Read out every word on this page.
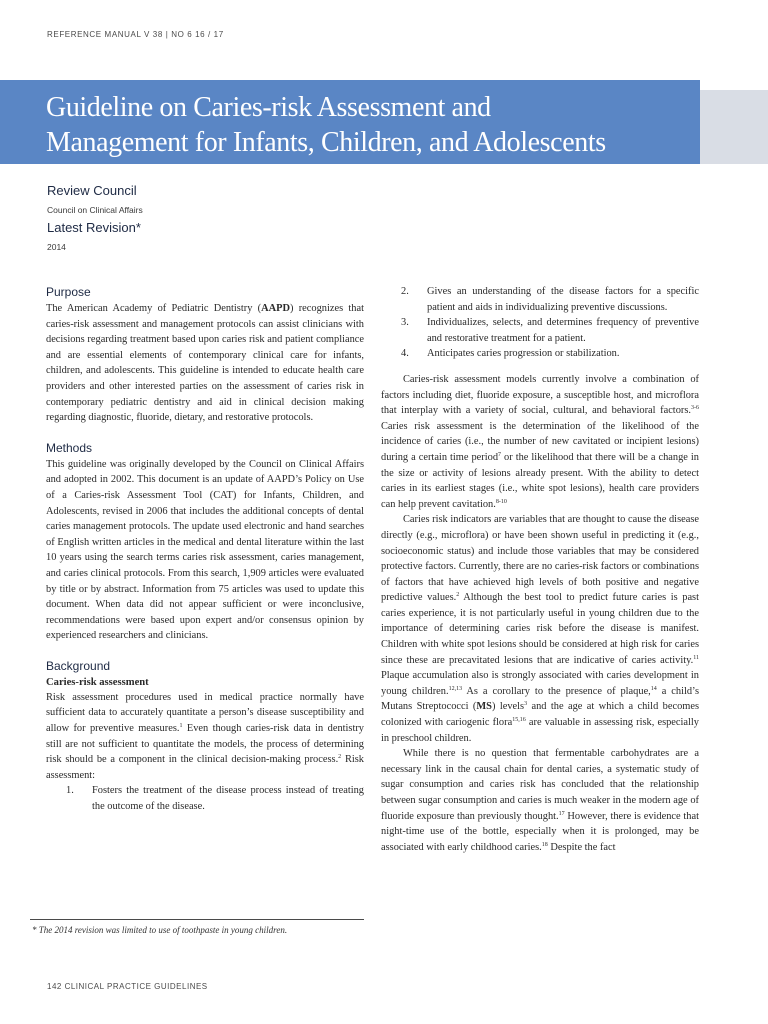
REFERENCE MANUAL V 38 | NO 6 16 / 17
Guideline on Caries-risk Assessment and
Management for Infants, Children, and Adolescents
Review Council
Council on Clinical Affairs
Latest Revision*
2014
Purpose

The American Academy of Pediatric Dentistry (AAPD) recognizes that caries-risk assessment and management protocols can assist clinicians with decisions regarding treatment based upon caries risk and patient compliance and are essential elements of contemporary clinical care for infants, children, and adolescents. This guideline is intended to educate health care providers and other interested parties on the assessment of caries risk in contemporary pediatric dentistry and aid in clinical decision making regarding diagnostic, fluoride, dietary, and restorative protocols.

Methods

This guideline was originally developed by the Council on Clinical Affairs and adopted in 2002. This document is an update of AAPD’s Policy on Use of a Caries-risk Assessment Tool (CAT) for Infants, Children, and Adolescents, revised in 2006 that includes the additional concepts of dental caries management protocols. The update used electronic and hand searches of English written articles in the medical and dental literature within the last 10 years using the search terms caries risk assessment, caries management, and caries clinical protocols. From this search, 1,909 articles were evaluated by title or by abstract. Information from 75 articles was used to update this document. When data did not appear sufficient or were inconclusive, recommendations were based upon expert and/or consensus opinion by experienced researchers and clinicians.

Background

Caries-risk assessment

Risk assessment procedures used in medical practice normally have sufficient data to accurately quantitate a person’s disease susceptibility and allow for preventive measures.$^1$ Even though caries-risk data in dentistry still are not sufficient to quantitate the models, the process of determining risk should be a component in the clinical decision-making process.$^2$ Risk assessment:

1. Fosters the treatment of the disease process instead of treating the outcome of the disease.
2. Gives an understanding of the disease factors for a specific patient and aids in individualizing preventive discussions.
3. Individualizes, selects, and determines frequency of preventive and restorative treatment for a patient.
4. Anticipates caries progression or stabilization.

Caries-risk assessment models currently involve a combination of factors including diet, fluoride exposure, a susceptible host, and microflora that interplay with a variety of social, cultural, and behavioral factors.$^{3-6}$ Caries risk assessment is the determination of the likelihood of the incidence of caries (i.e., the number of new cavitated or incipient lesions) during a certain time period$^7$ or the likelihood that there will be a change in the size or activity of lesions already present. With the ability to detect caries in its earliest stages (i.e., white spot lesions), health care providers can help prevent cavitation.$^{8-10}$

Caries risk indicators are variables that are thought to cause the disease directly (e.g., microflora) or have been shown useful in predicting it (e.g., socioeconomic status) and include those variables that may be considered protective factors. Currently, there are no caries-risk factors or combinations of factors that have achieved high levels of both positive and negative predictive values.$^2$ Although the best tool to predict future caries is past caries experience, it is not particularly useful in young children due to the importance of determining caries risk before the disease is manifest. Children with white spot lesions should be considered at high risk for caries since these are precavitated lesions that are indicative of caries activity.$^{11}$ Plaque accumulation also is strongly associated with caries development in young children.$^{12,13}$ As a corollary to the presence of plaque,$^{14}$ a child’s Mutans Streptococci (MS) levels$^3$ and the age at which a child becomes colonized with cariogenic flora$^{15,16}$ are valuable in assessing risk, especially in preschool children.

While there is no question that fermentable carbohydrates are a necessary link in the causal chain for dental caries, a systematic study of sugar consumption and caries risk has concluded that the relationship between sugar consumption and caries is much weaker in the modern age of fluoride exposure than previously thought.$^{17}$ However, there is evidence that night-time use of the bottle, especially when it is prolonged, may be associated with early childhood caries.$^{18}$ Despite the fact

* The 2014 revision was limited to use of toothpaste in young children.
142 CLINICAL PRACTICE GUIDELINES
